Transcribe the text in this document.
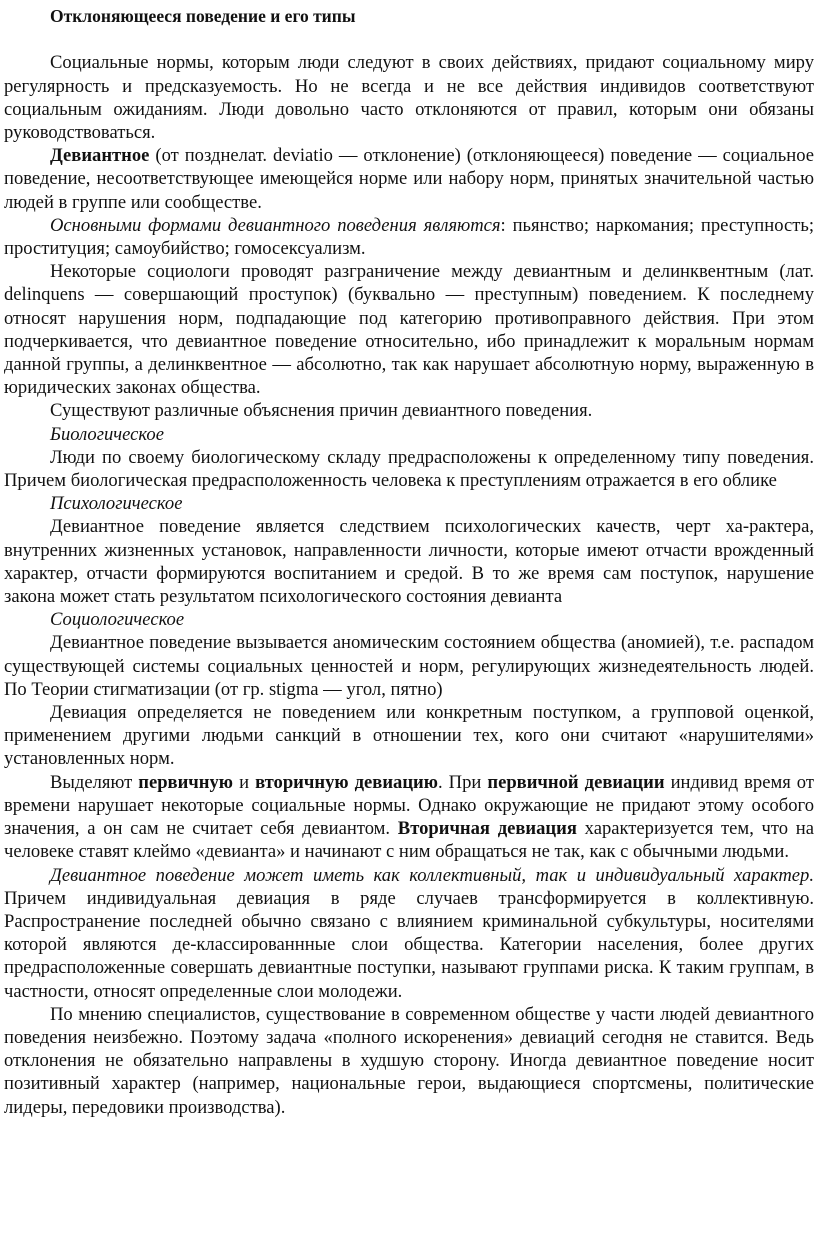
Отклоняющееся поведение и его типы

Социальные нормы, которым люди следуют в своих действиях, придают социальному миру регулярность и предсказуемость. Но не всегда и не все действия индивидов соответствуют социальным ожиданиям. Люди довольно часто отклоняются от правил, которым они обязаны руководствоваться.

Девиантное (от позднелат. deviatio — отклонение) (отклоняющееся) поведение — социальное поведение, несоответствующее имеющейся норме или набору норм, принятых значительной частью людей в группе или сообществе.

Основными формами девиантного поведения являются: пьянство; наркомания; преступность; проституция; самоубийство; гомосексуализм.

Некоторые социологи проводят разграничение между девиантным и делинквентным (лат. delinquens — совершающий проступок) (буквально — преступным) поведением. К последнему относят нарушения норм, подпадающие под категорию противоправного действия. При этом подчеркивается, что девиантное поведение относительно, ибо принадлежит к моральным нормам данной группы, а делинквентное — абсолютно, так как нарушает абсолютную норму, выраженную в юридических законах общества.

Существуют различные объяснения причин девиантного поведения.

Биологическое

Люди по своему биологическому складу предрасположены к определенному типу поведения. Причем биологическая предрасположенность человека к преступлениям отражается в его облике

Психологическое

Девиантное поведение является следствием психологических качеств, черт ха-рактера, внутренних жизненных установок, направленности личности, которые имеют отчасти врожденный характер, отчасти формируются воспитанием и средой. В то же время сам поступок, нарушение закона может стать результатом психологического состояния девианта

Социологическое

Девиантное поведение вызывается аномическим состоянием общества (аномией), т.е. распадом существующей системы социальных ценностей и норм, регулирующих жизнедеятельность людей. По Теории стигматизации (от гр. stigma — угол, пятно)

Девиация определяется не поведением или конкретным поступком, а групповой оценкой, применением другими людьми санкций в отношении тех, кого они считают «нарушителями» установленных норм.

Выделяют первичную и вторичную девиацию. При первичной девиации индивид время от времени нарушает некоторые социальные нормы. Однако окружающие не придают этому особого значения, а он сам не считает себя девиантом. Вторичная девиация характеризуется тем, что на человеке ставят клеймо «девианта» и начинают с ним обращаться не так, как с обычными людьми.

Девиантное поведение может иметь как коллективный, так и индивидуальный характер. Причем индивидуальная девиация в ряде случаев трансформируется в коллективную. Распространение последней обычно связано с влиянием криминальной субкультуры, носителями которой являются де-классированнные слои общества. Категории населения, более других предрасположенные совершать девиантные поступки, называют группами риска. К таким группам, в частности, относят определенные слои молодежи.

По мнению специалистов, существование в современном обществе у части людей девиантного поведения неизбежно. Поэтому задача «полного искоренения» девиаций сегодня не ставится. Ведь отклонения не обязательно направлены в худшую сторону. Иногда девиантное поведение носит позитивный характер (например, национальные герои, выдающиеся спортсмены, политические лидеры, передовики производства).
